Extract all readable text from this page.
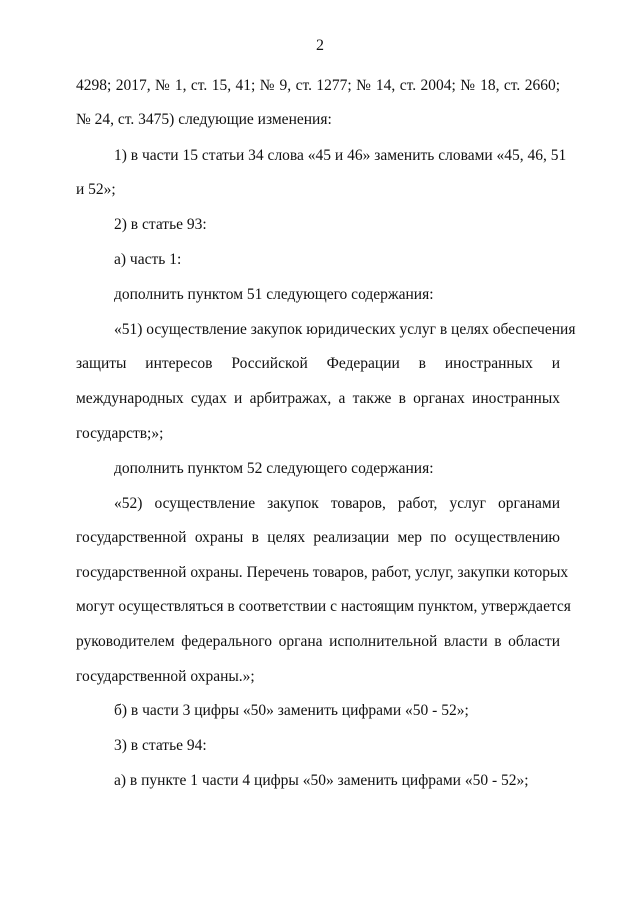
2
4298; 2017, № 1, ст. 15, 41; № 9, ст. 1277; № 14, ст. 2004; № 18, ст. 2660;
№ 24, ст. 3475) следующие изменения:
1) в части 15 статьи 34 слова «45 и 46» заменить словами «45, 46, 51
и 52»;
2) в статье 93:
а) часть 1:
дополнить пунктом 51 следующего содержания:
«51) осуществление закупок юридических услуг в целях обеспечения
защиты интересов Российской Федерации в иностранных и
международных судах и арбитражах, а также в органах иностранных
государств;»;
дополнить пунктом 52 следующего содержания:
«52) осуществление закупок товаров, работ, услуг органами
государственной охраны в целях реализации мер по осуществлению
государственной охраны. Перечень товаров, работ, услуг, закупки которых
могут осуществляться в соответствии с настоящим пунктом, утверждается
руководителем федерального органа исполнительной власти в области
государственной охраны.»;
б) в части 3 цифры «50» заменить цифрами «50 - 52»;
3) в статье 94:
а) в пункте 1 части 4 цифры «50» заменить цифрами «50 - 52»;
